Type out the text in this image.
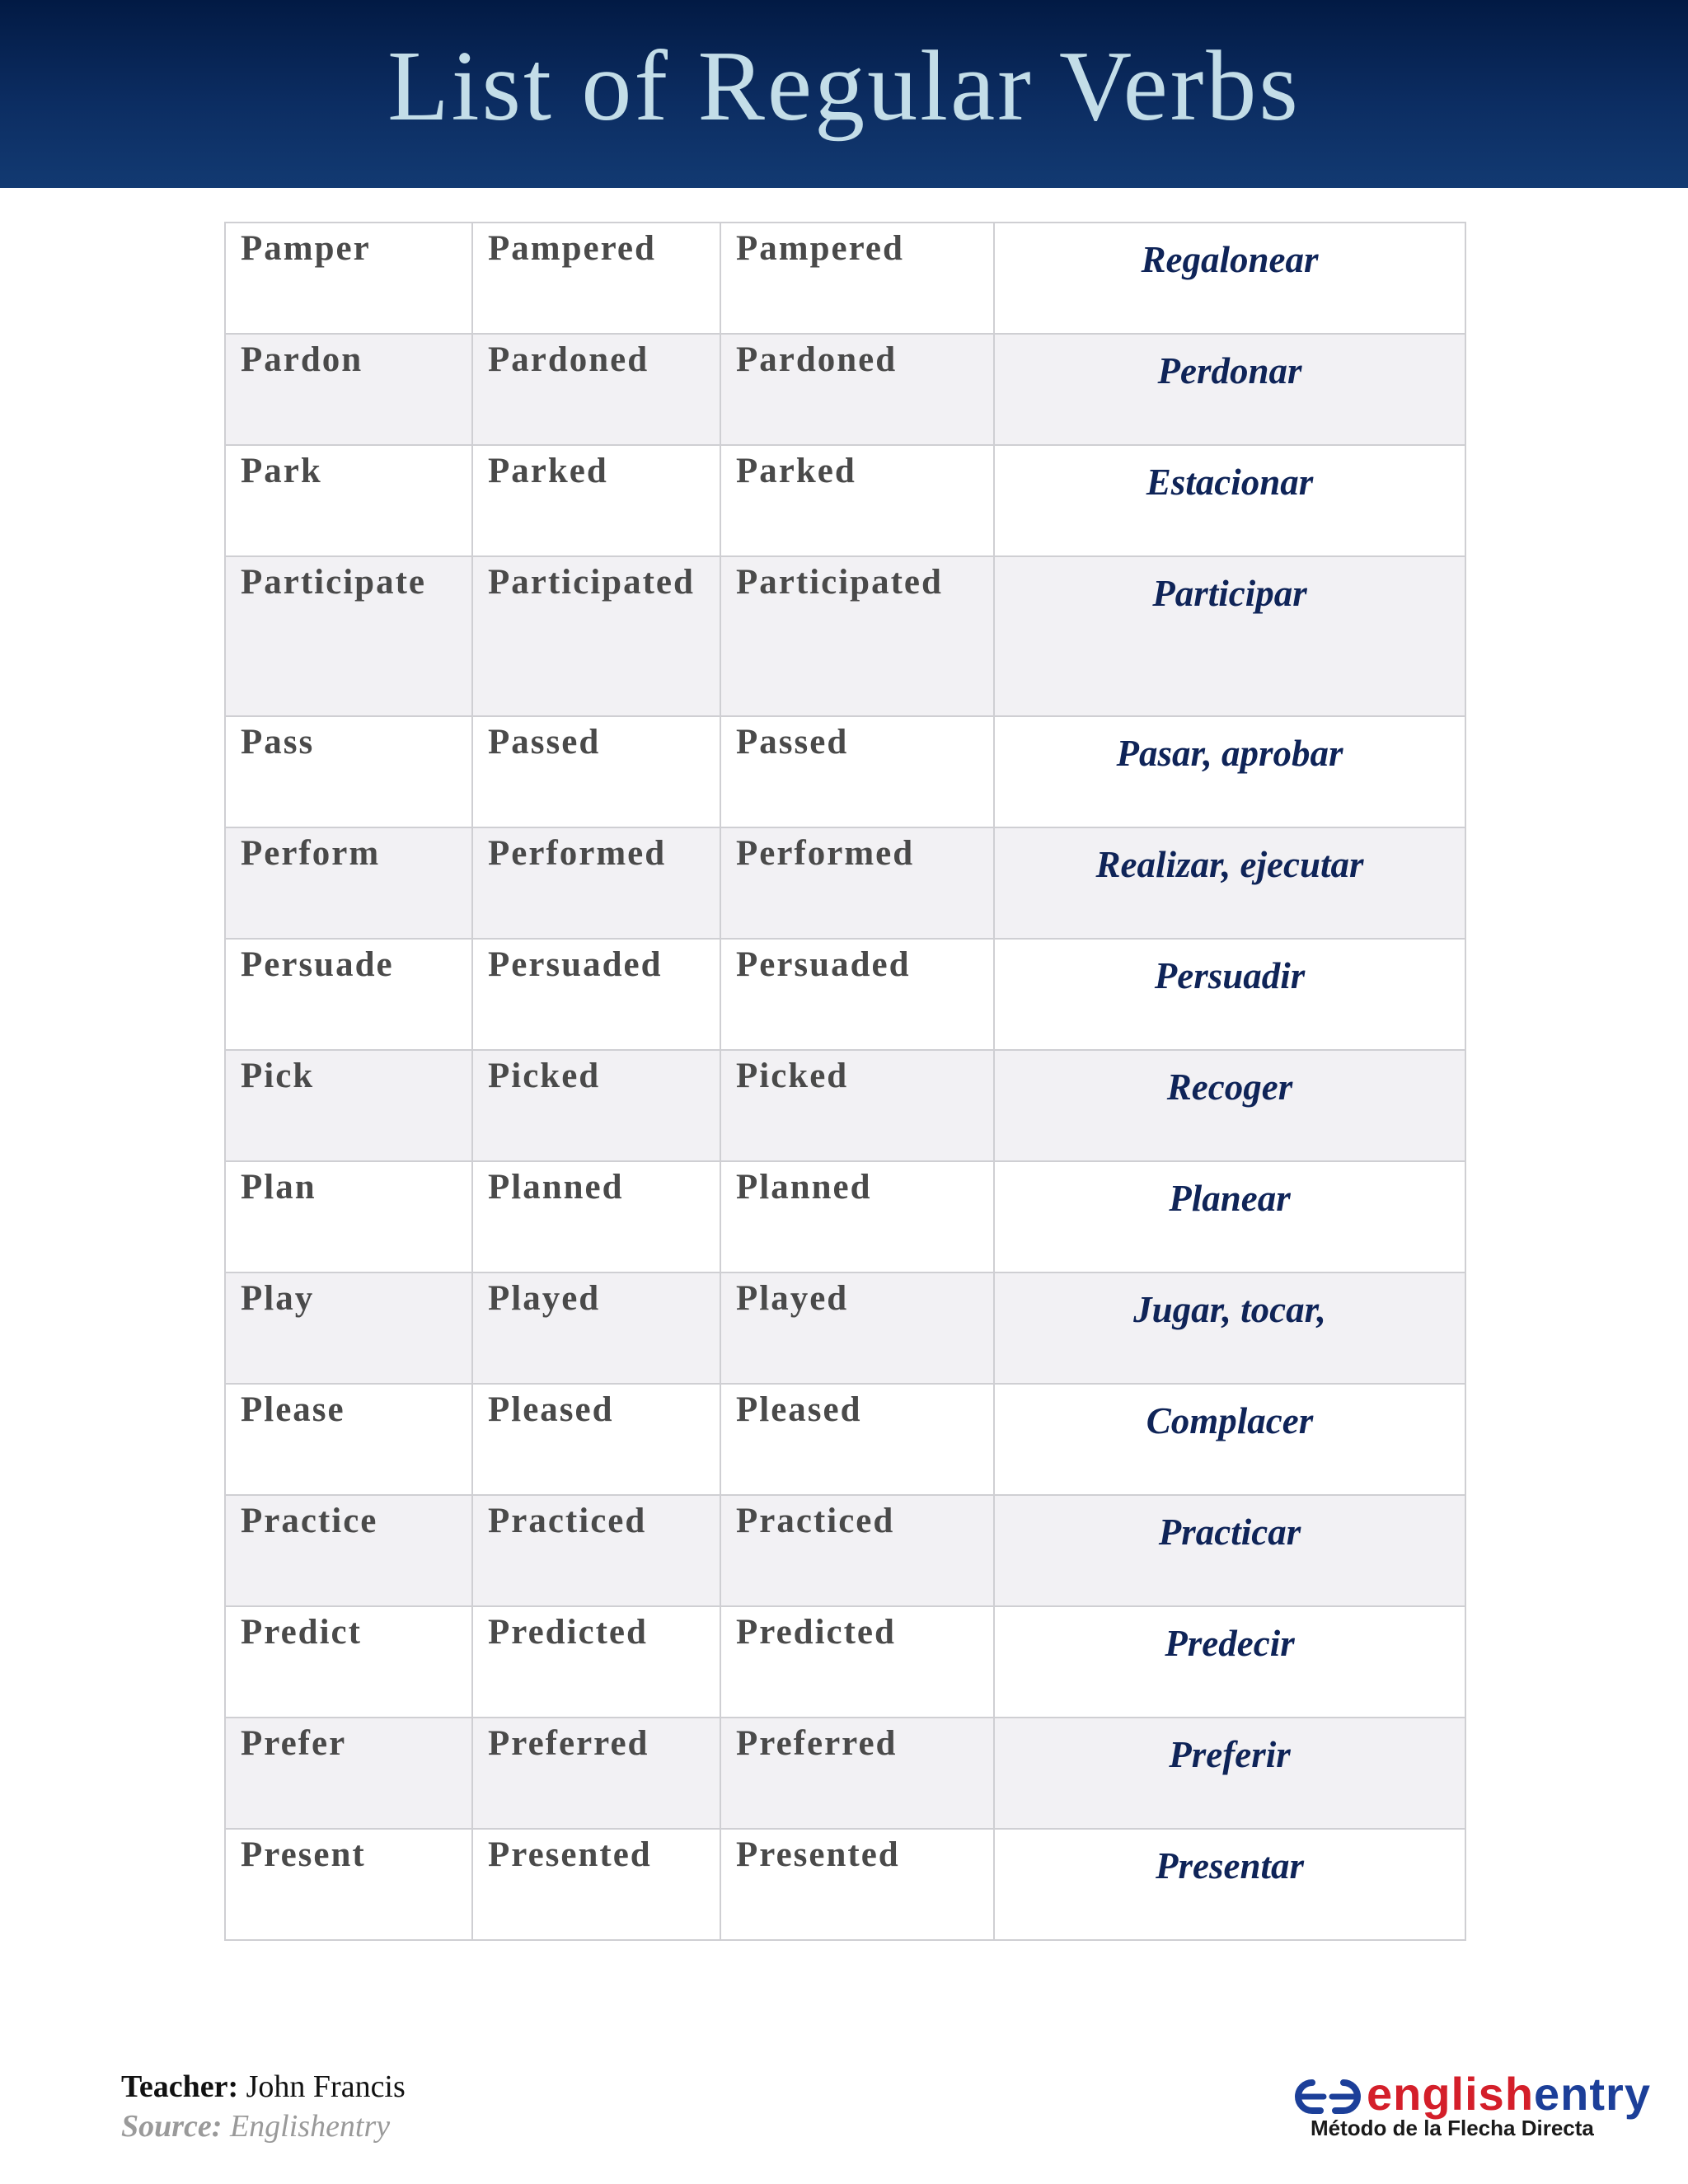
List of Regular Verbs
Pamper	Pampered	Pampered	Regalonear
Pardon	Pardoned	Pardoned	Perdonar
Park	Parked	Parked	Estacionar
Participate	Participated	Participated	Participar
Pass	Passed	Passed	Pasar, aprobar
Perform	Performed	Performed	Realizar, ejecutar
Persuade	Persuaded	Persuaded	Persuadir
Pick	Picked	Picked	Recoger
Plan	Planned	Planned	Planear
Play	Played	Played	Jugar, tocar,
Please	Pleased	Pleased	Complacer
Practice	Practiced	Practiced	Practicar
Predict	Predicted	Predicted	Predecir
Prefer	Preferred	Preferred	Preferir
Present	Presented	Presented	Presentar
Teacher: John Francis
Source: Englishentry
englishentry
Método de la Flecha Directa
